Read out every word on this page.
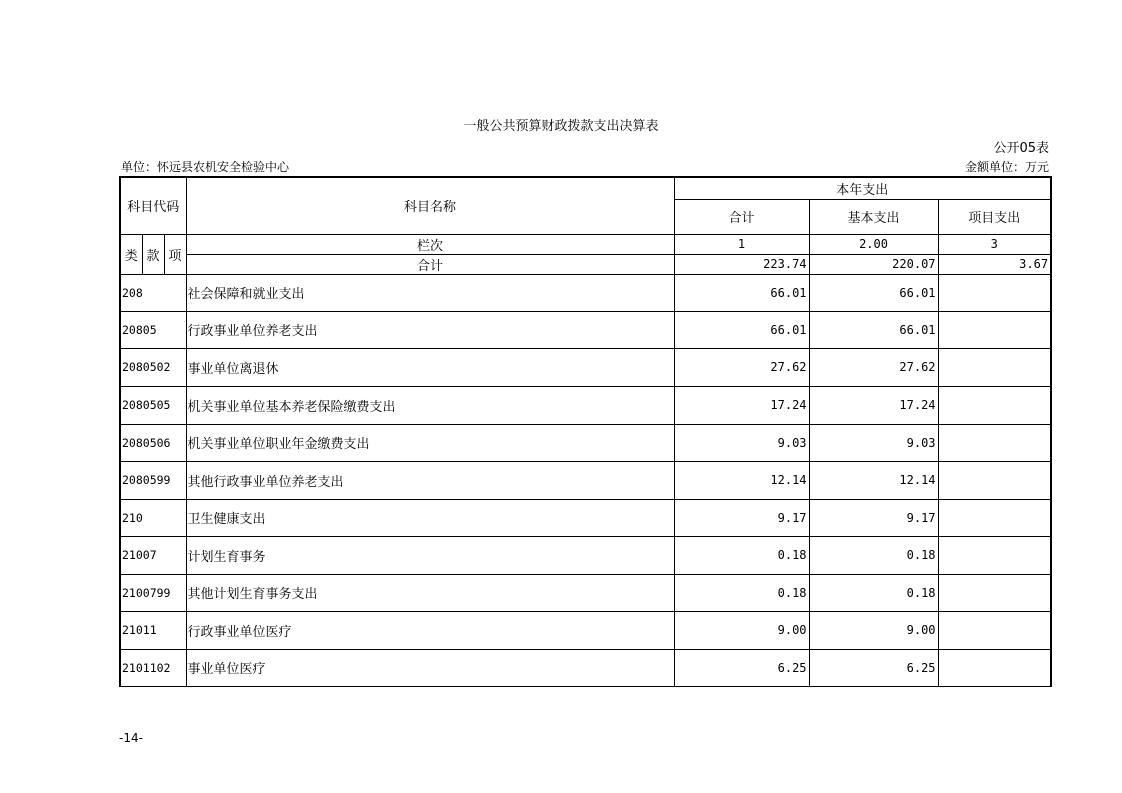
一般公共预算财政拨款支出决算表
公开05表
单位：怀远县农机安全检验中心	金额单位：万元
科目代码			科目名称	本年支出		
				合计	基本支出	项目支出
类	款	项	栏次	1	2.00	3
			合计	223.74	220.07	3.67
208			社会保障和就业支出	66.01	66.01	
20805			行政事业单位养老支出	66.01	66.01	
2080502			事业单位离退休	27.62	27.62	
2080505			机关事业单位基本养老保险缴费支出	17.24	17.24	
2080506			机关事业单位职业年金缴费支出	9.03	9.03	
2080599			其他行政事业单位养老支出	12.14	12.14	
210			卫生健康支出	9.17	9.17	
21007			计划生育事务	0.18	0.18	
2100799			其他计划生育事务支出	0.18	0.18	
21011			行政事业单位医疗	9.00	9.00	
2101102			事业单位医疗	6.25	6.25	
-14-
